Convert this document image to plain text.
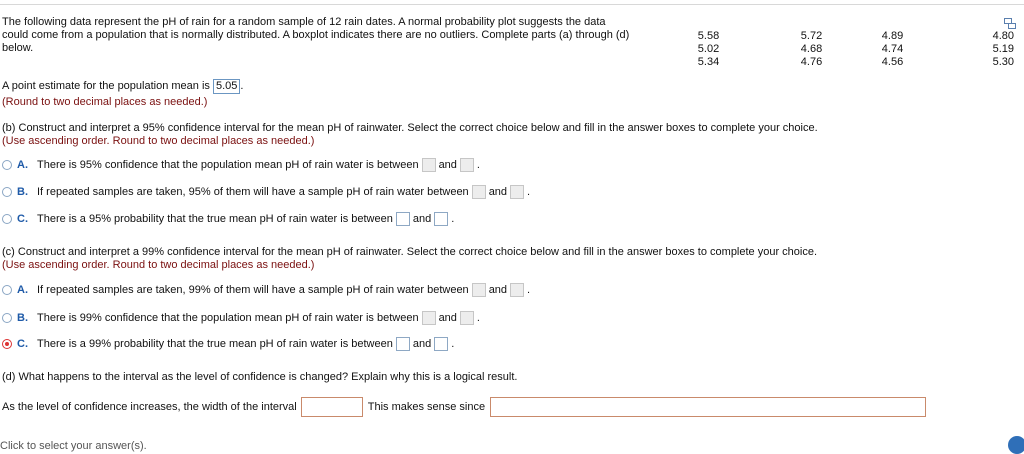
The following data represent the pH of rain for a random sample of 12 rain dates. A normal probability plot suggests the data could come from a population that is normally distributed. A boxplot indicates there are no outliers. Complete parts (a) through (d) below.
5.58	5.72	4.89	4.80
5.02	4.68	4.74	5.19
5.34	4.76	4.56	5.30
A point estimate for the population mean is 5.05 .
(Round to two decimal places as needed.)
(b) Construct and interpret a 95% confidence interval for the mean pH of rainwater. Select the correct choice below and fill in the answer boxes to complete your choice.
(Use ascending order. Round to two decimal places as needed.)
A. There is 95% confidence that the population mean pH of rain water is between and .
B. If repeated samples are taken, 95% of them will have a sample pH of rain water between and .
C. There is a 95% probability that the true mean pH of rain water is between and .
(c) Construct and interpret a 99% confidence interval for the mean pH of rainwater. Select the correct choice below and fill in the answer boxes to complete your choice.
(Use ascending order. Round to two decimal places as needed.)
A. If repeated samples are taken, 99% of them will have a sample pH of rain water between and .
B. There is 99% confidence that the population mean pH of rain water is between and .
C. There is a 99% probability that the true mean pH of rain water is between and .
(d) What happens to the interval as the level of confidence is changed? Explain why this is a logical result.
As the level of confidence increases, the width of the interval	This makes sense since
Click to select your answer(s).
